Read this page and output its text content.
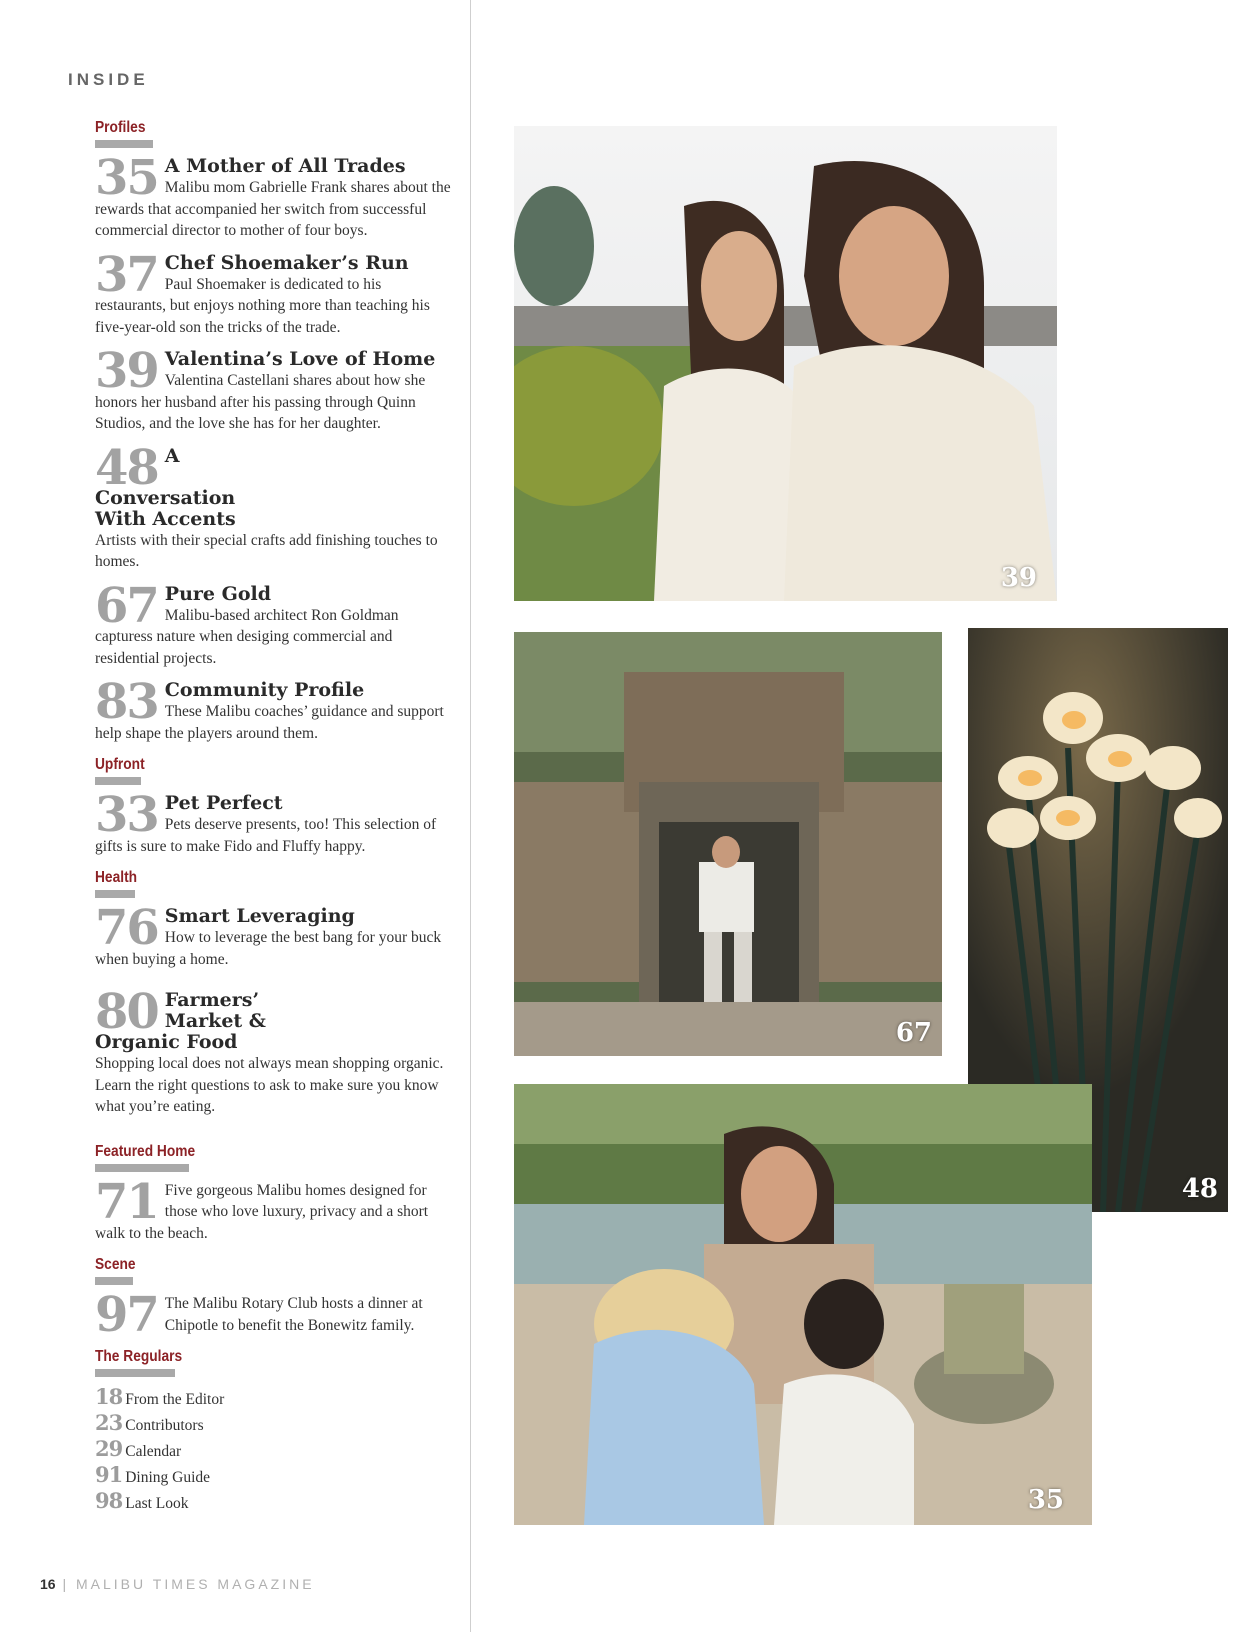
INSIDE
Profiles
35 A Mother of All Trades
Malibu mom Gabrielle Frank shares about the rewards that accompanied her switch from successful commercial director to mother of four boys.
37 Chef Shoemaker’s Run
Paul Shoemaker is dedicated to his restaurants, but enjoys nothing more than teaching his five-year-old son the tricks of the trade.
39 Valentina’s Love of Home
Valentina Castellani shares about how she honors her husband after his passing through Quinn Studios, and the love she has for her daughter.
48 A Conversation With Accents
Artists with their special crafts add finishing touches to homes.
67 Pure Gold
Malibu-based architect Ron Goldman capturess nature when desiging commercial and residential projects.
83 Community Profile
These Malibu coaches’ guidance and support help shape the players around them.
Upfront
33 Pet Perfect
Pets deserve presents, too! This selection of gifts is sure to make Fido and Fluffy happy.
Health
76 Smart Leveraging
How to leverage the best bang for your buck when buying a home.
80 Farmers’ Market & Organic Food
Shopping local does not always mean shopping organic. Learn the right questions to ask to make sure you know what you’re eating.
Featured Home
71 Five gorgeous Malibu homes designed for those who love luxury, privacy and a short walk to the beach.
Scene
97 The Malibu Rotary Club hosts a dinner at Chipotle to benefit the Bonewitz family.
The Regulars
18 From the Editor
23 Contributors
29 Calendar
91 Dining Guide
98 Last Look
39
67
48
35
16 | MALIBU TIMES MAGAZINE
